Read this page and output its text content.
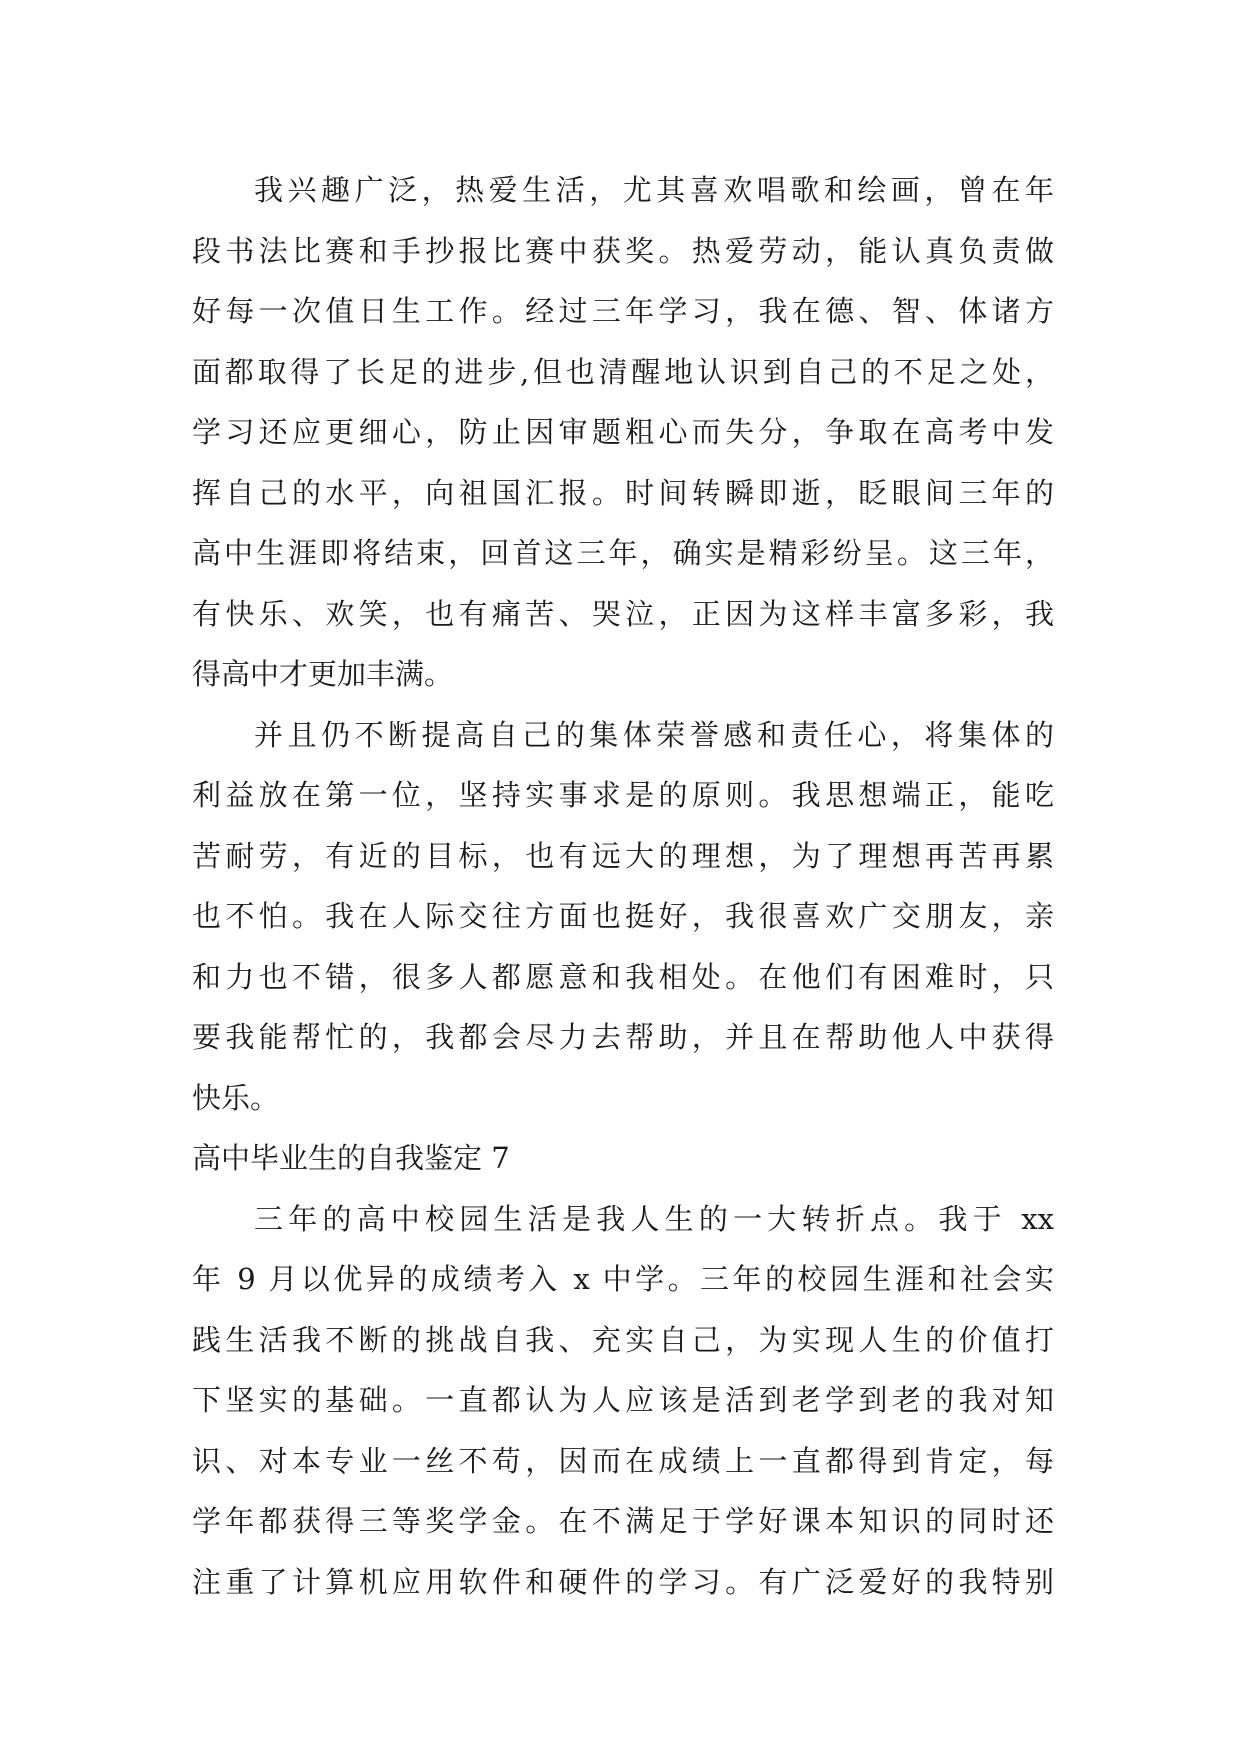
我兴趣广泛，热爱生活，尤其喜欢唱歌和绘画，曾在年
段书法比赛和手抄报比赛中获奖。热爱劳动，能认真负责做
好每一次值日生工作。经过三年学习，我在德、智、体诸方
面都取得了长足的进步,但也清醒地认识到自己的不足之处，
学习还应更细心，防止因审题粗心而失分，争取在高考中发
挥自己的水平，向祖国汇报。时间转瞬即逝，眨眼间三年的
高中生涯即将结束，回首这三年，确实是精彩纷呈。这三年，
有快乐、欢笑，也有痛苦、哭泣，正因为这样丰富多彩，我
得高中才更加丰满。
并且仍不断提高自己的集体荣誉感和责任心，将集体的
利益放在第一位，坚持实事求是的原则。我思想端正，能吃
苦耐劳，有近的目标，也有远大的理想，为了理想再苦再累
也不怕。我在人际交往方面也挺好，我很喜欢广交朋友，亲
和力也不错，很多人都愿意和我相处。在他们有困难时，只
要我能帮忙的，我都会尽力去帮助，并且在帮助他人中获得
快乐。
高中毕业生的自我鉴定 7
三年的高中校园生活是我人生的一大转折点。我于 xx
年 9 月以优异的成绩考入 x 中学。三年的校园生涯和社会实
践生活我不断的挑战自我、充实自己，为实现人生的价值打
下坚实的基础。一直都认为人应该是活到老学到老的我对知
识、对本专业一丝不苟，因而在成绩上一直都得到肯定，每
学年都获得三等奖学金。在不满足于学好课本知识的同时还
注重了计算机应用软件和硬件的学习。有广泛爱好的我特别
